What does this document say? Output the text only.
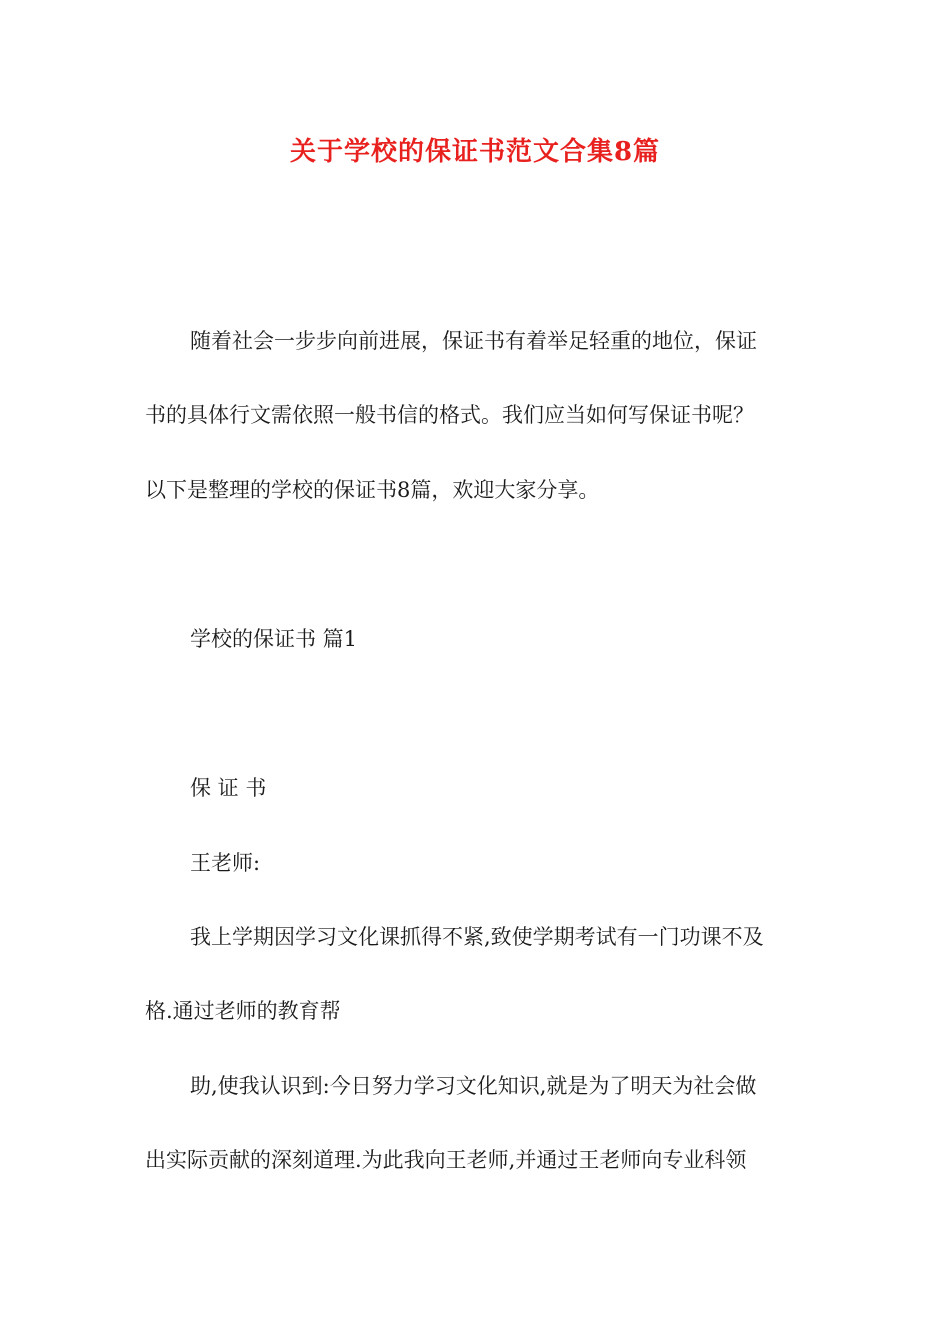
关于学校的保证书范文合集8篇

随着社会一步步向前进展，保证书有着举足轻重的地位，保证

书的具体行文需依照一般书信的格式。我们应当如何写保证书呢？

以下是整理的学校的保证书8篇，欢迎大家分享。

学校的保证书 篇1

保 证 书

王老师:

我上学期因学习文化课抓得不紧,致使学期考试有一门功课不及

格.通过老师的教育帮

助,使我认识到:今日努力学习文化知识,就是为了明天为社会做

出实际贡献的深刻道理.为此我向王老师,并通过王老师向专业科领
